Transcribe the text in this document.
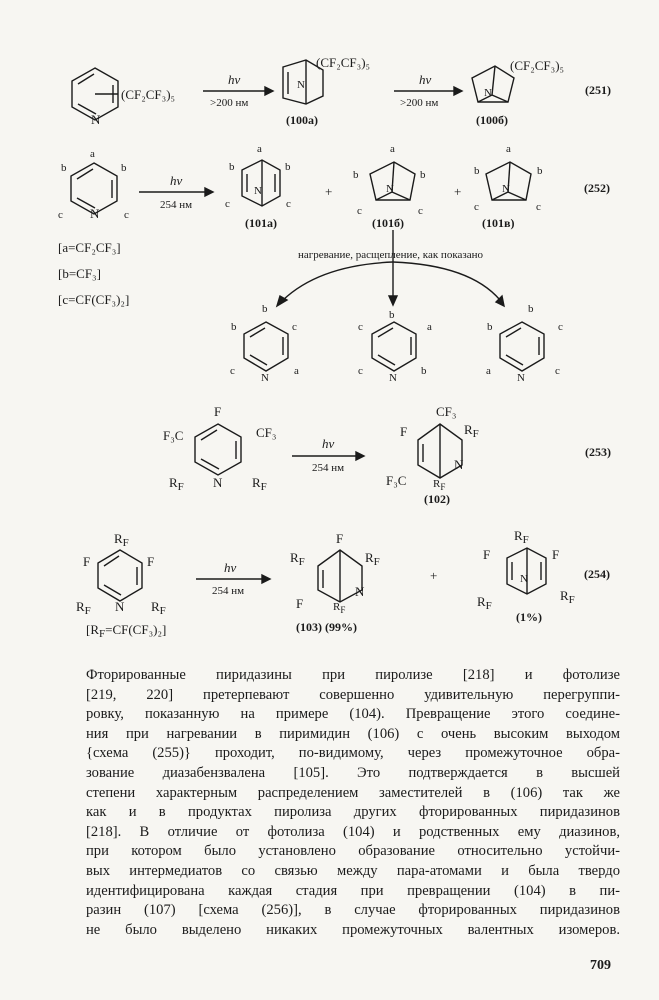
N
(CF₂CF₃)₅
hν
>200 нм
N
(CF₂CF₃)₅
(100а)
hν
>200 нм
N
(CF₂CF₃)₅
(100б)
(251)
a
b	b
c	c
N
hν
254 нм
a
b	b
c	c
N
(101а)
+
a
b	b
c	c
N
(101б)
+
a
b	b
c	c
N
(101в)
(252)
[a=CF₂CF₃]
[b=CF₃]
[c=CF(CF₃)₂]
нагревание, расщепление, как показано
b
b	c
c	a
N
b
c	a
c	b
N
b
b	c
a	c
N
F
F₃C	CF₃
$R_F$ N $R_F$
hν
254 нм
CF₃
F	$R_F$
F₃C
N
$R_F$
(102)
(253)
$R_F$
F	F
$R_F$ N $R_F$
$[R_F=CF(CF_3)_2]$
hν
254 нм
F
$R_F$	$R_F$
F
N
$R_F$
(103) (99%)
+
$R_F$
F	F
$R_F$
$R_F$
N
(1%)
(254)
Фторированные пиридазины при пиролизе [218] и фотолизе
[219, 220] претерпевают совершенно удивительную перегруппи-
ровку, показанную на примере (104). Превращение этого соедине-
ния при нагревании в пиримидин (106) с очень высоким выходом
{схема (255)} проходит, по-видимому, через промежуточное обра-
зование диазабензвалена [105]. Это подтверждается в высшей
степени характерным распределением заместителей в (106) так же
как и в продуктах пиролиза других фторированных пиридазинов
[218]. В отличие от фотолиза (104) и родственных ему диазинов,
при котором было установлено образование относительно устойчи-
вых интермедиатов со связью между пара-атомами и была твердо
идентифицирована каждая стадия при превращении (104) в пи-
разин (107) [схема (256)], в случае фторированных пиридазинов
не было выделено никаких промежуточных валентных изомеров.
709
